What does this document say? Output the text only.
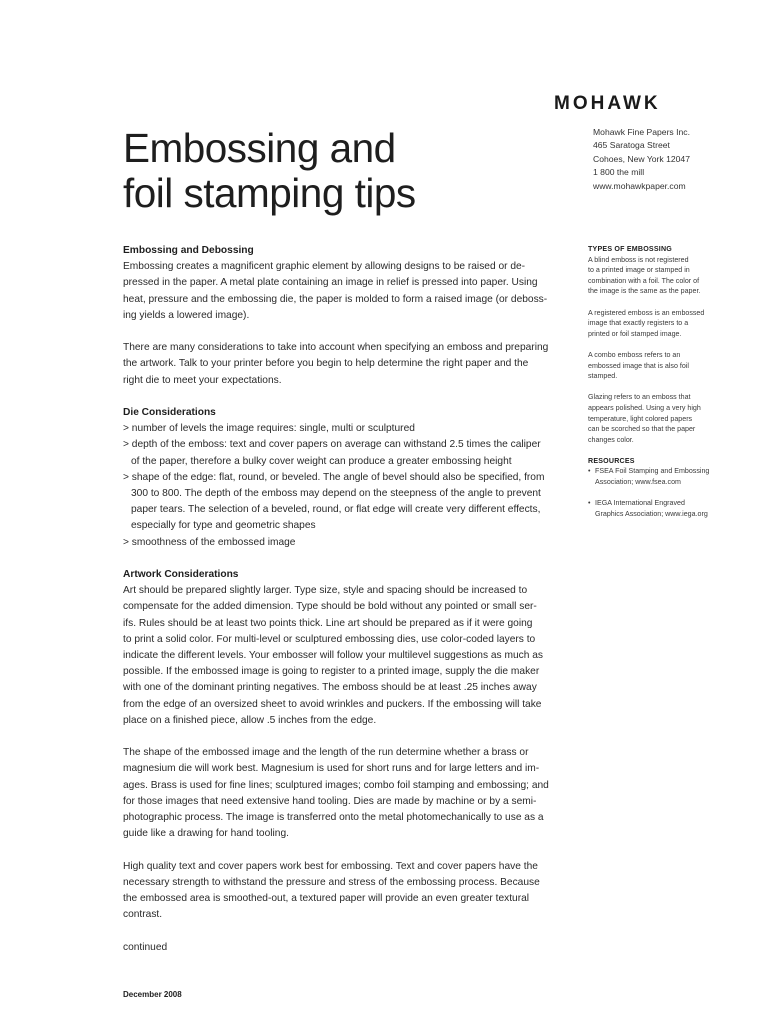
MOHAWK
Mohawk Fine Papers Inc.
465 Saratoga Street
Cohoes, New York 12047
1 800 the mill
www.mohawkpaper.com
Embossing and
foil stamping tips
Embossing and Debossing

Embossing creates a magnificent graphic element by allowing designs to be raised or de-
pressed in the paper. A metal plate containing an image in relief is pressed into paper. Using
heat, pressure and the embossing die, the paper is molded to form a raised image (or deboss-
ing yields a lowered image).

There are many considerations to take into account when specifying an emboss and preparing
the artwork. Talk to your printer before you begin to help determine the right paper and the
right die to meet your expectations.

Die Considerations
> number of levels the image requires: single, multi or sculptured
> depth of the emboss: text and cover papers on average can withstand 2.5 times the caliper
of the paper, therefore a bulky cover weight can produce a greater embossing height
> shape of the edge: flat, round, or beveled. The angle of bevel should also be specified, from
300 to 800. The depth of the emboss may depend on the steepness of the angle to prevent
paper tears. The selection of a beveled, round, or flat edge will create very different effects,
especially for type and geometric shapes
> smoothness of the embossed image
Artwork Considerations

Art should be prepared slightly larger. Type size, style and spacing should be increased to
compensate for the added dimension. Type should be bold without any pointed or small ser-
ifs. Rules should be at least two points thick. Line art should be prepared as if it were going
to print a solid color. For multi-level or sculptured embossing dies, use color-coded layers to
indicate the different levels. Your embosser will follow your multilevel suggestions as much as
possible. If the embossed image is going to register to a printed image, supply the die maker
with one of the dominant printing negatives. The emboss should be at least .25 inches away
from the edge of an oversized sheet to avoid wrinkles and puckers. If the embossing will take
place on a finished piece, allow .5 inches from the edge.

The shape of the embossed image and the length of the run determine whether a brass or
magnesium die will work best. Magnesium is used for short runs and for large letters and im-
ages. Brass is used for fine lines; sculptured images; combo foil stamping and embossing; and
for those images that need extensive hand tooling. Dies are made by machine or by a semi-
photographic process. The image is transferred onto the metal photomechanically to use as a
guide like a drawing for hand tooling.

High quality text and cover papers work best for embossing. Text and cover papers have the
necessary strength to withstand the pressure and stress of the embossing process. Because
the embossed area is smoothed-out, a textured paper will provide an even greater textural
contrast.

continued

TYPES OF EMBOSSING

A blind emboss is not registered
to a printed image or stamped in
combination with a foil. The color of
the image is the same as the paper.

A registered emboss is an embossed
image that exactly registers to a
printed or foil stamped image.

A combo emboss refers to an
embossed image that is also foil
stamped.

Glazing refers to an emboss that
appears polished. Using a very high
temperature, light colored papers
can be scorched so that the paper
changes color.

RESOURCES
• FSEA Foil Stamping and Embossing
Association; www.fsea.com
• IEGA International Engraved
Graphics Association; www.iega.org
December 2008
